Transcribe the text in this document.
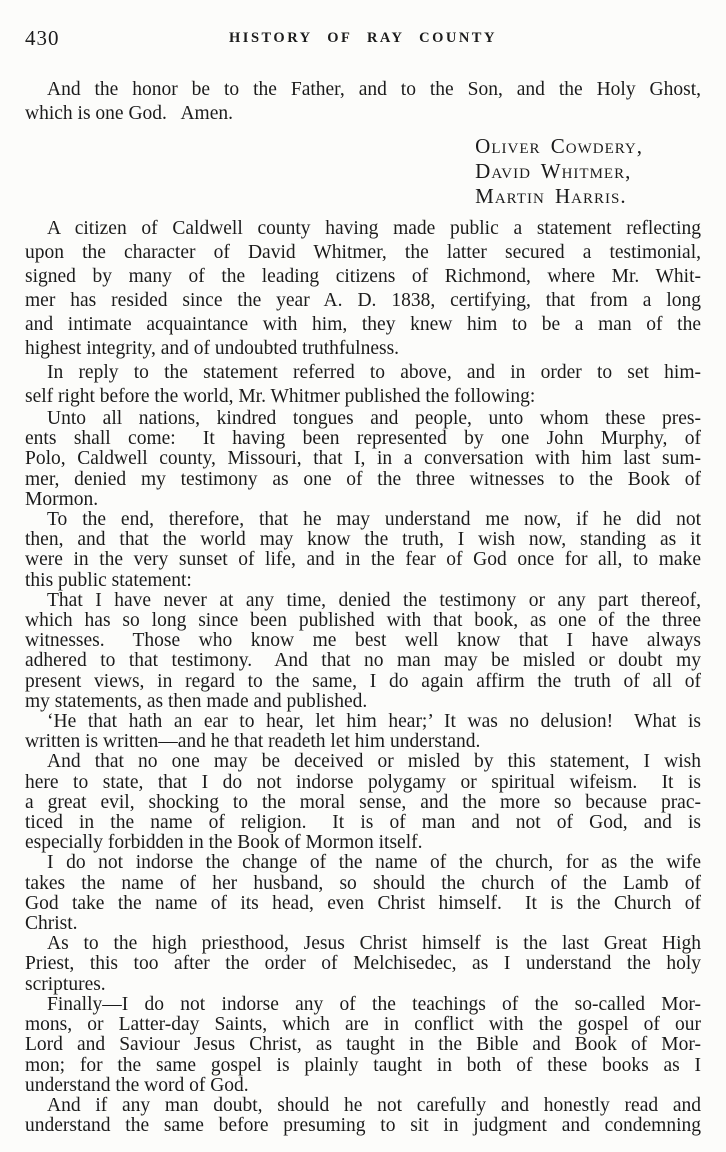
430	HISTORY OF RAY COUNTY
And the honor be to the Father, and to the Son, and the Holy Ghost,
which is one God.  Amen.
Oliver Cowdery,
David Whitmer,
Martin Harris.
A citizen of Caldwell county having made public a statement reflecting
upon the character of David Whitmer, the latter secured a testimonial,
signed by many of the leading citizens of Richmond, where Mr. Whit-
mer has resided since the year A. D. 1838, certifying, that from a long
and intimate acquaintance with him, they knew him to be a man of the
highest integrity, and of undoubted truthfulness.
In reply to the statement referred to above, and in order to set him-
self right before the world, Mr. Whitmer published the following:
Unto all nations, kindred tongues and people, unto whom these pres-
ents shall come:  It having been represented by one John Murphy, of
Polo, Caldwell county, Missouri, that I, in a conversation with him last sum-
mer, denied my testimony as one of the three witnesses to the Book of
Mormon.
To the end, therefore, that he may understand me now, if he did not
then, and that the world may know the truth, I wish now, standing as it
were in the very sunset of life, and in the fear of God once for all, to make
this public statement:
That I have never at any time, denied the testimony or any part thereof,
which has so long since been published with that book, as one of the three
witnesses.  Those who know me best well know that I have always
adhered to that testimony.  And that no man may be misled or doubt my
present views, in regard to the same, I do again affirm the truth of all of
my statements, as then made and published.
‘He that hath an ear to hear, let him hear;’ It was no delusion!  What is
written is written—and he that readeth let him understand.
And that no one may be deceived or misled by this statement, I wish
here to state, that I do not indorse polygamy or spiritual wifeism.  It is
a great evil, shocking to the moral sense, and the more so because prac-
ticed in the name of religion.  It is of man and not of God, and is
especially forbidden in the Book of Mormon itself.
I do not indorse the change of the name of the church, for as the wife
takes the name of her husband, so should the church of the Lamb of
God take the name of its head, even Christ himself.  It is the Church of
Christ.
As to the high priesthood, Jesus Christ himself is the last Great High
Priest, this too after the order of Melchisedec, as I understand the holy
scriptures.
Finally—I do not indorse any of the teachings of the so-called Mor-
mons, or Latter-day Saints, which are in conflict with the gospel of our
Lord and Saviour Jesus Christ, as taught in the Bible and Book of Mor-
mon; for the same gospel is plainly taught in both of these books as I
understand the word of God.
And if any man doubt, should he not carefully and honestly read and
understand the same before presuming to sit in judgment and condemning
